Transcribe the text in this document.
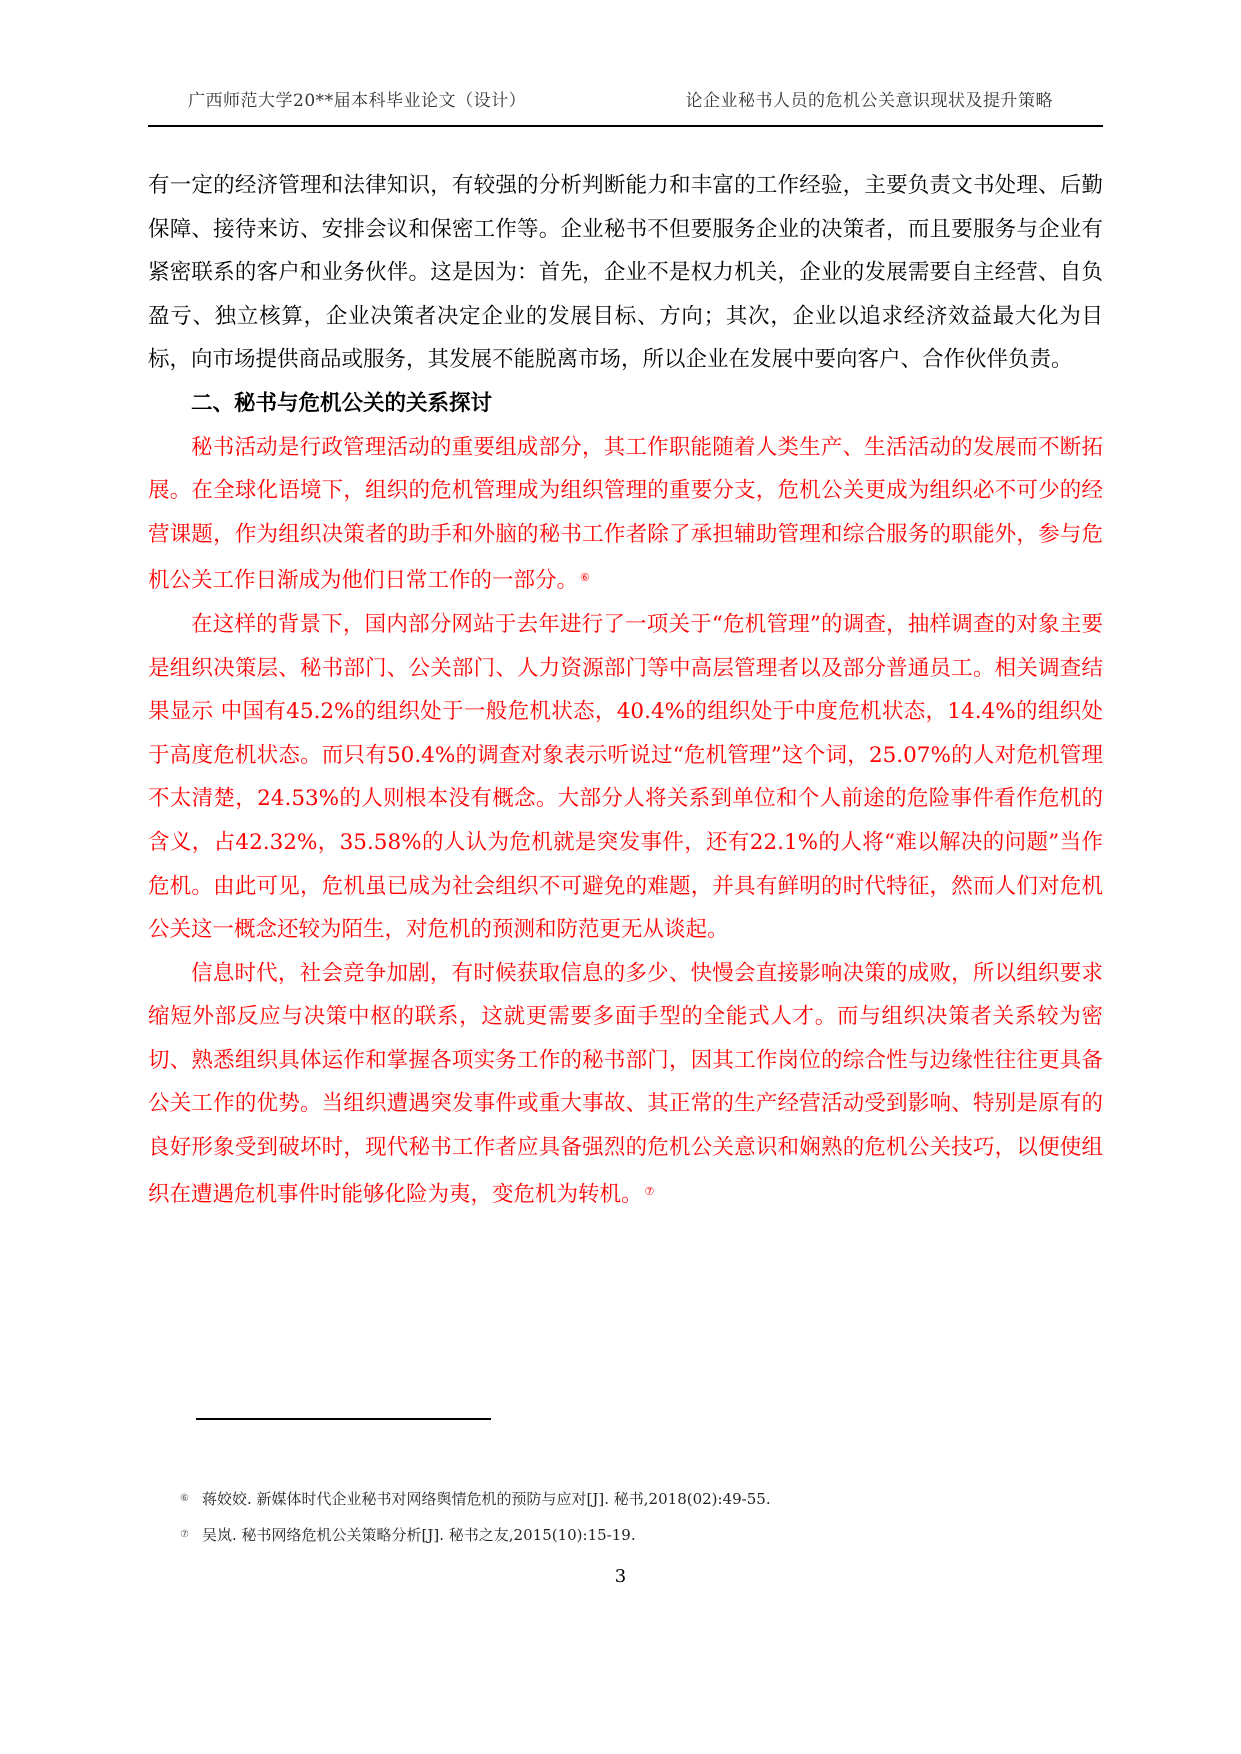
广西师范大学20**届本科毕业论文（设计）	论企业秘书人员的危机公关意识现状及提升策略

有一定的经济管理和法律知识，有较强的分析判断能力和丰富的工作经验，主要负责文书处理、后勤保障、接待来访、安排会议和保密工作等。企业秘书不但要服务企业的决策者，而且要服务与企业有紧密联系的客户和业务伙伴。这是因为：首先，企业不是权力机关，企业的发展需要自主经营、自负盈亏、独立核算，企业决策者决定企业的发展目标、方向；其次，企业以追求经济效益最大化为目标，向市场提供商品或服务，其发展不能脱离市场，所以企业在发展中要向客户、合作伙伴负责。

二、秘书与危机公关的关系探讨

秘书活动是行政管理活动的重要组成部分，其工作职能随着人类生产、生活活动的发展而不断拓展。在全球化语境下，组织的危机管理成为组织管理的重要分支，危机公关更成为组织必不可少的经营课题，作为组织决策者的助手和外脑的秘书工作者除了承担辅助管理和综合服务的职能外，参与危机公关工作日渐成为他们日常工作的一部分。 ⑥

在这样的背景下，国内部分网站于去年进行了一项关于“危机管理”的调查，抽样调查的对象主要是组织决策层、秘书部门、公关部门、人力资源部门等中高层管理者以及部分普通员工。相关调查结果显示 中国有45.2%的组织处于一般危机状态，40.4%的组织处于中度危机状态，14.4%的组织处于高度危机状态。而只有50.4%的调查对象表示听说过“危机管理”这个词，25.07%的人对危机管理不太清楚，24.53%的人则根本没有概念。大部分人将关系到单位和个人前途的危险事件看作危机的含义，占42.32%，35.58%的人认为危机就是突发事件，还有22.1%的人将“难以解决的问题”当作危机。由此可见，危机虽已成为社会组织不可避免的难题，并具有鲜明的时代特征，然而人们对危机公关这一概念还较为陌生，对危机的预测和防范更无从谈起。

信息时代，社会竞争加剧，有时候获取信息的多少、快慢会直接影响决策的成败，所以组织要求缩短外部反应与决策中枢的联系，这就更需要多面手型的全能式人才。而与组织决策者关系较为密切、熟悉组织具体运作和掌握各项实务工作的秘书部门，因其工作岗位的综合性与边缘性往往更具备公关工作的优势。当组织遭遇突发事件或重大事故、其正常的生产经营活动受到影响、特别是原有的良好形象受到破坏时，现代秘书工作者应具备强烈的危机公关意识和娴熟的危机公关技巧，以便使组织在遭遇危机事件时能够化险为夷，变危机为转机。 ⑦

⑥ 蒋姣姣. 新媒体时代企业秘书对网络舆情危机的预防与应对[J]. 秘书,2018(02):49-55.
⑦ 吴岚. 秘书网络危机公关策略分析[J]. 秘书之友,2015(10):15-19.
3
